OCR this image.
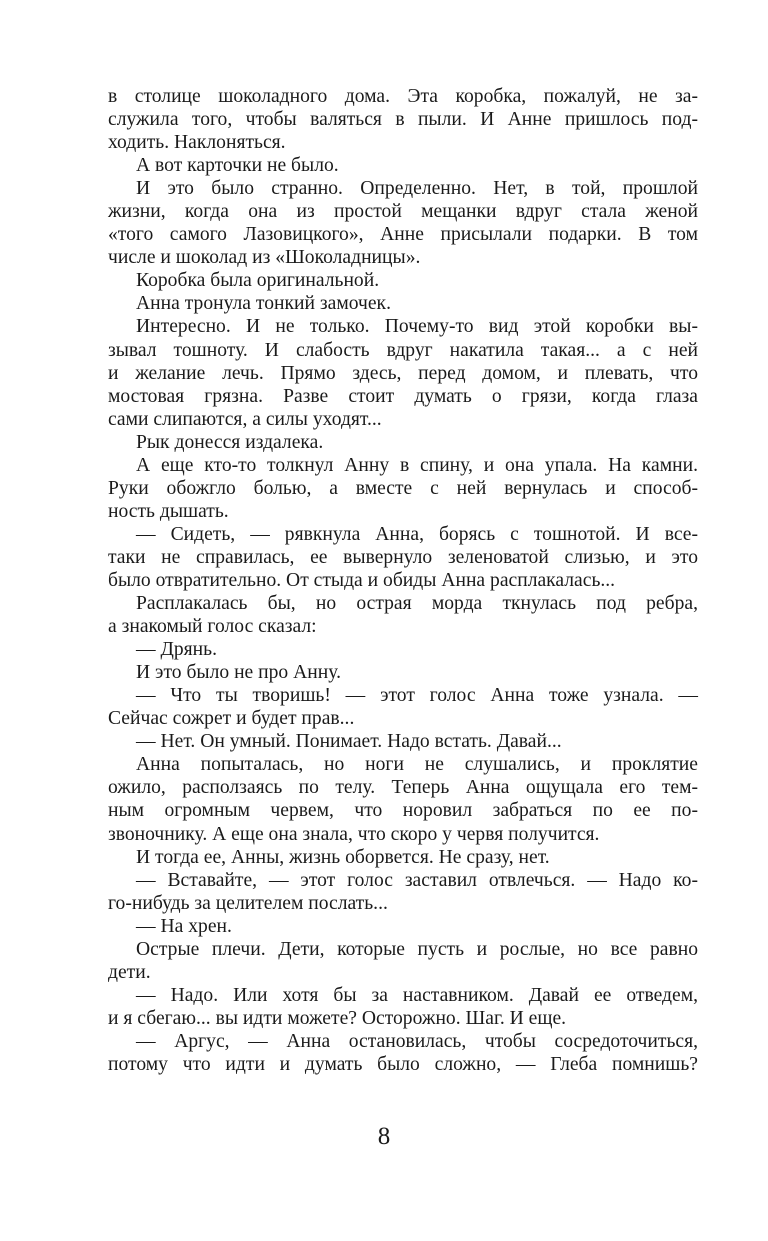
в столице шоколадного дома. Эта коробка, пожалуй, не за-
служила того, чтобы валяться в пыли. И Анне пришлось под-
ходить. Наклоняться.
А вот карточки не было.
И это было странно. Определенно. Нет, в той, прошлой
жизни, когда она из простой мещанки вдруг стала женой
«того самого Лазовицкого», Анне присылали подарки. В том
числе и шоколад из «Шоколадницы».
Коробка была оригинальной.
Анна тронула тонкий замочек.
Интересно. И не только. Почему-то вид этой коробки вы-
зывал тошноту. И слабость вдруг накатила такая... а с ней
и желание лечь. Прямо здесь, перед домом, и плевать, что
мостовая грязна. Разве стоит думать о грязи, когда глаза
сами слипаются, а силы уходят...
Рык донесся издалека.
А еще кто-то толкнул Анну в спину, и она упала. На камни.
Руки обожгло болью, а вместе с ней вернулась и способ-
ность дышать.
— Сидеть, — рявкнула Анна, борясь с тошнотой. И все-
таки не справилась, ее вывернуло зеленоватой слизью, и это
было отвратительно. От стыда и обиды Анна расплакалась...
Расплакалась бы, но острая морда ткнулась под ребра,
а знакомый голос сказал:
— Дрянь.
И это было не про Анну.
— Что ты творишь! — этот голос Анна тоже узнала. —
Сейчас сожрет и будет прав...
— Нет. Он умный. Понимает. Надо встать. Давай...
Анна попыталась, но ноги не слушались, и проклятие
ожило, расползаясь по телу. Теперь Анна ощущала его тем-
ным огромным червем, что норовил забраться по ее по-
звоночнику. А еще она знала, что скоро у червя получится.
И тогда ее, Анны, жизнь оборвется. Не сразу, нет.
— Вставайте, — этот голос заставил отвлечься. — Надо ко-
го-нибудь за целителем послать...
— На хрен.
Острые плечи. Дети, которые пусть и рослые, но все равно
дети.
— Надо. Или хотя бы за наставником. Давай ее отведем,
и я сбегаю... вы идти можете? Осторожно. Шаг. И еще.
— Аргус, — Анна остановилась, чтобы сосредоточиться,
потому что идти и думать было сложно, — Глеба помнишь?
8
